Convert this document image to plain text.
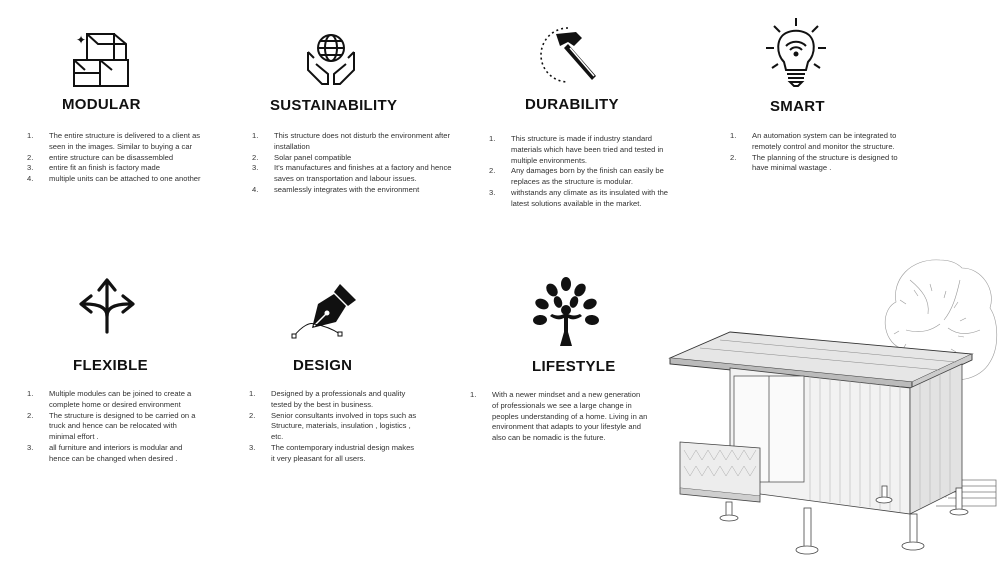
✦
MODULAR
1. The entire structure is delivered to a client as seen in the images. Similar to buying a car
2. entire structure can be disassembled
3. entire fit an finish is factory made
4. multiple units can be attached to one another
SUSTAINABILITY
1. This structure does not disturb the environment after installation
2. Solar panel compatible
3. It's manufactures and finishes at a factory and hence saves on transportation and labour issues.
4. seamlessly integrates with the environment
DURABILITY
1. This structure is made if industry standard materials which have been tried and tested in multiple environments.
2. Any damages born by the finish can easily be replaces as the structure is modular.
3. withstands any climate as its insulated with the latest solutions available in the market.
SMART
1. An automation system can be integrated to remotely control and monitor the structure.
2. The planning of the structure is designed to have minimal wastage .
FLEXIBLE
1. Multiple modules can be joined to create a complete home or desired environment
2. The structure is designed to be carried on a truck and hence can be relocated with minimal effort .
3. all furniture and interiors is modular and hence can be changed when desired .
DESIGN
1. Designed by a professionals and quality tested by the best in business.
2. Senior consultants involved in tops such as Structure, materials, insulation , logistics , etc.
3. The contemporary industrial design makes it very pleasant for all users.
LIFESTYLE
1. With a newer mindset and a new generation of professionals we see a large change in peoples understanding of a home. Living in an environment that adapts to your lifestyle and also can be nomadic is the future.
